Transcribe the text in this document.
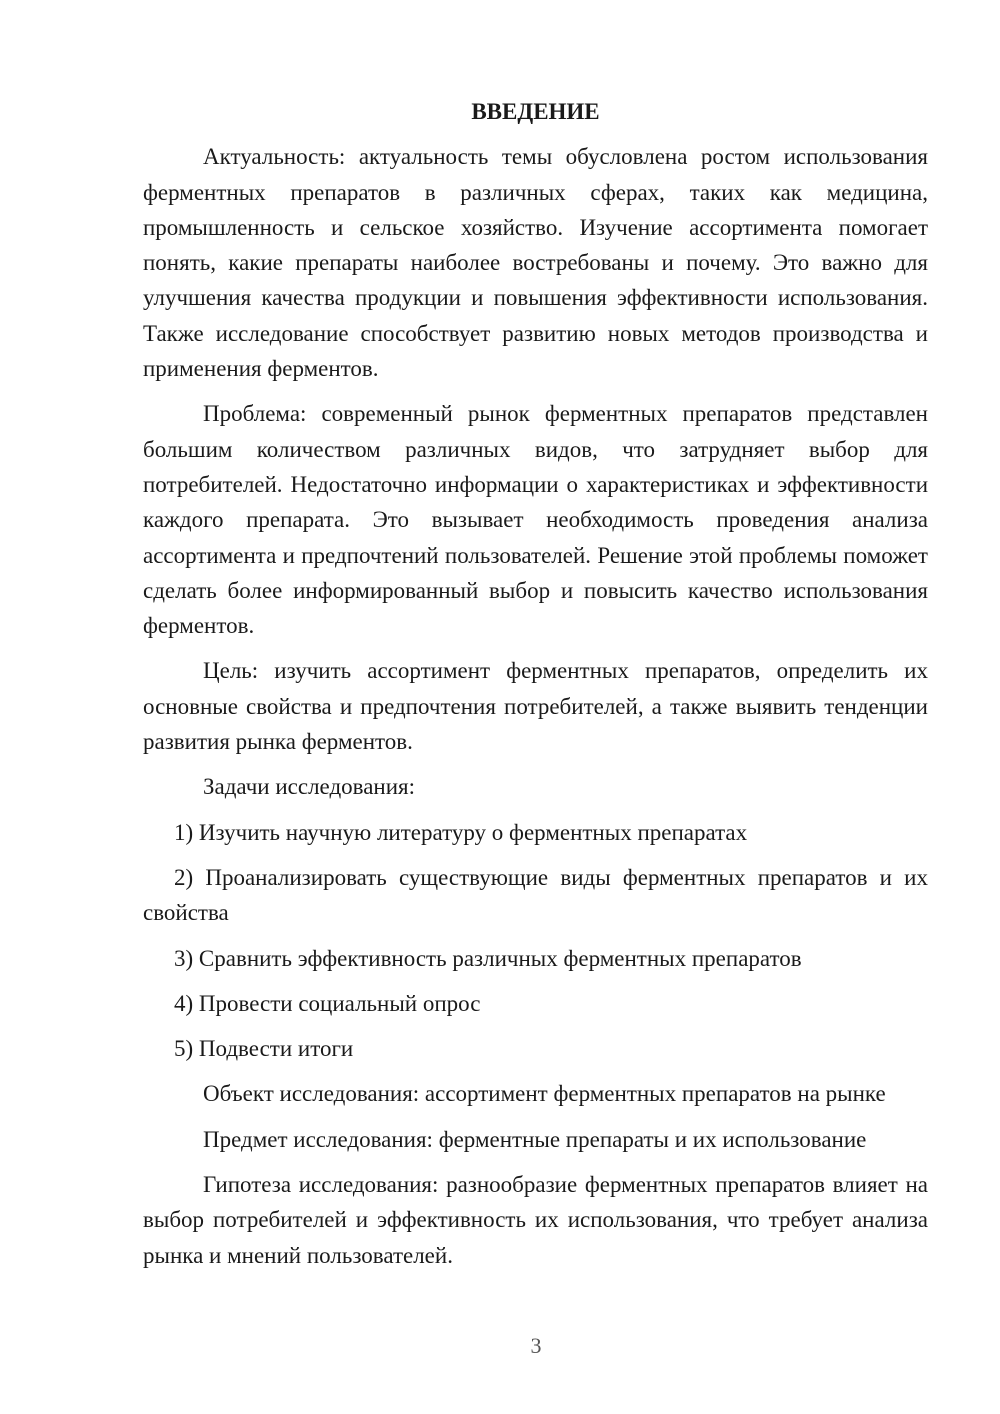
ВВЕДЕНИЕ

Актуальность: актуальность темы обусловлена ростом использования ферментных препаратов в различных сферах, таких как медицина, промышленность и сельское хозяйство. Изучение ассортимента помогает понять, какие препараты наиболее востребованы и почему. Это важно для улучшения качества продукции и повышения эффективности использования. Также исследование способствует развитию новых методов производства и применения ферментов.

Проблема: современный рынок ферментных препаратов представлен большим количеством различных видов, что затрудняет выбор для потребителей. Недостаточно информации о характеристиках и эффективности каждого препарата. Это вызывает необходимость проведения анализа ассортимента и предпочтений пользователей. Решение этой проблемы поможет сделать более информированный выбор и повысить качество использования ферментов.

Цель: изучить ассортимент ферментных препаратов, определить их основные свойства и предпочтения потребителей, а также выявить тенденции развития рынка ферментов.

Задачи исследования:

1) Изучить научную литературу о ферментных препаратах

2) Проанализировать существующие виды ферментных препаратов и их свойства

3) Сравнить эффективность различных ферментных препаратов

4) Провести социальный опрос

5) Подвести итоги

Объект исследования: ассортимент ферментных препаратов на рынке

Предмет исследования: ферментные препараты и их использование

Гипотеза исследования: разнообразие ферментных препаратов влияет на выбор потребителей и эффективность их использования, что требует анализа рынка и мнений пользователей.

3
